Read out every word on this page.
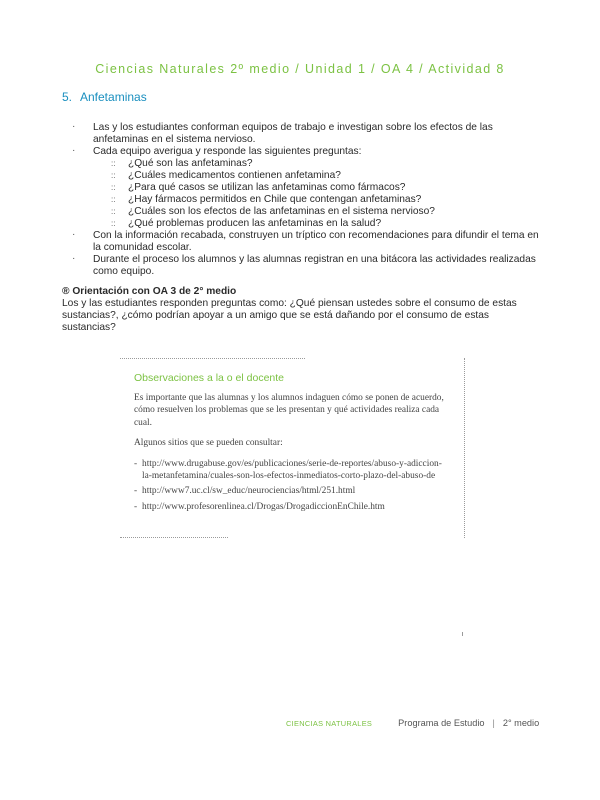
Ciencias Naturales 2º medio / Unidad 1 / OA 4 / Actividad 8
5. Anfetaminas
· Las y los estudiantes conforman equipos de trabajo e investigan sobre los efectos de las anfetaminas en el sistema nervioso.
· Cada equipo averigua y responde las siguientes preguntas:
:: ¿Qué son las anfetaminas?
:: ¿Cuáles medicamentos contienen anfetamina?
:: ¿Para qué casos se utilizan las anfetaminas como fármacos?
:: ¿Hay fármacos permitidos en Chile que contengan anfetaminas?
:: ¿Cuáles son los efectos de las anfetaminas en el sistema nervioso?
:: ¿Qué problemas producen las anfetaminas en la salud?
· Con la información recabada, construyen un tríptico con recomendaciones para difundir el tema en la comunidad escolar.
· Durante el proceso los alumnos y las alumnas registran en una bitácora las actividades realizadas como equipo.
® Orientación con OA 3 de 2° medio
Los y las estudiantes responden preguntas como: ¿Qué piensan ustedes sobre el consumo de estas sustancias?, ¿cómo podrían apoyar a un amigo que se está dañando por el consumo de estas sustancias?
Observaciones a la o el docente

Es importante que las alumnas y los alumnos indaguen cómo se ponen de acuerdo, cómo resuelven los problemas que se les presentan y qué actividades realiza cada cual.

Algunos sitios que se pueden consultar:

- http://www.drugabuse.gov/es/publicaciones/serie-de-reportes/abuso-y-adiccion-la-metanfetamina/cuales-son-los-efectos-inmediatos-corto-plazo-del-abuso-de
- http://www7.uc.cl/sw_educ/neurociencias/html/251.html
- http://www.profesorenlinea.cl/Drogas/DrogadiccionEnChile.htm
CIENCIAS NATURALES	Programa de Estudio | 2° medio
